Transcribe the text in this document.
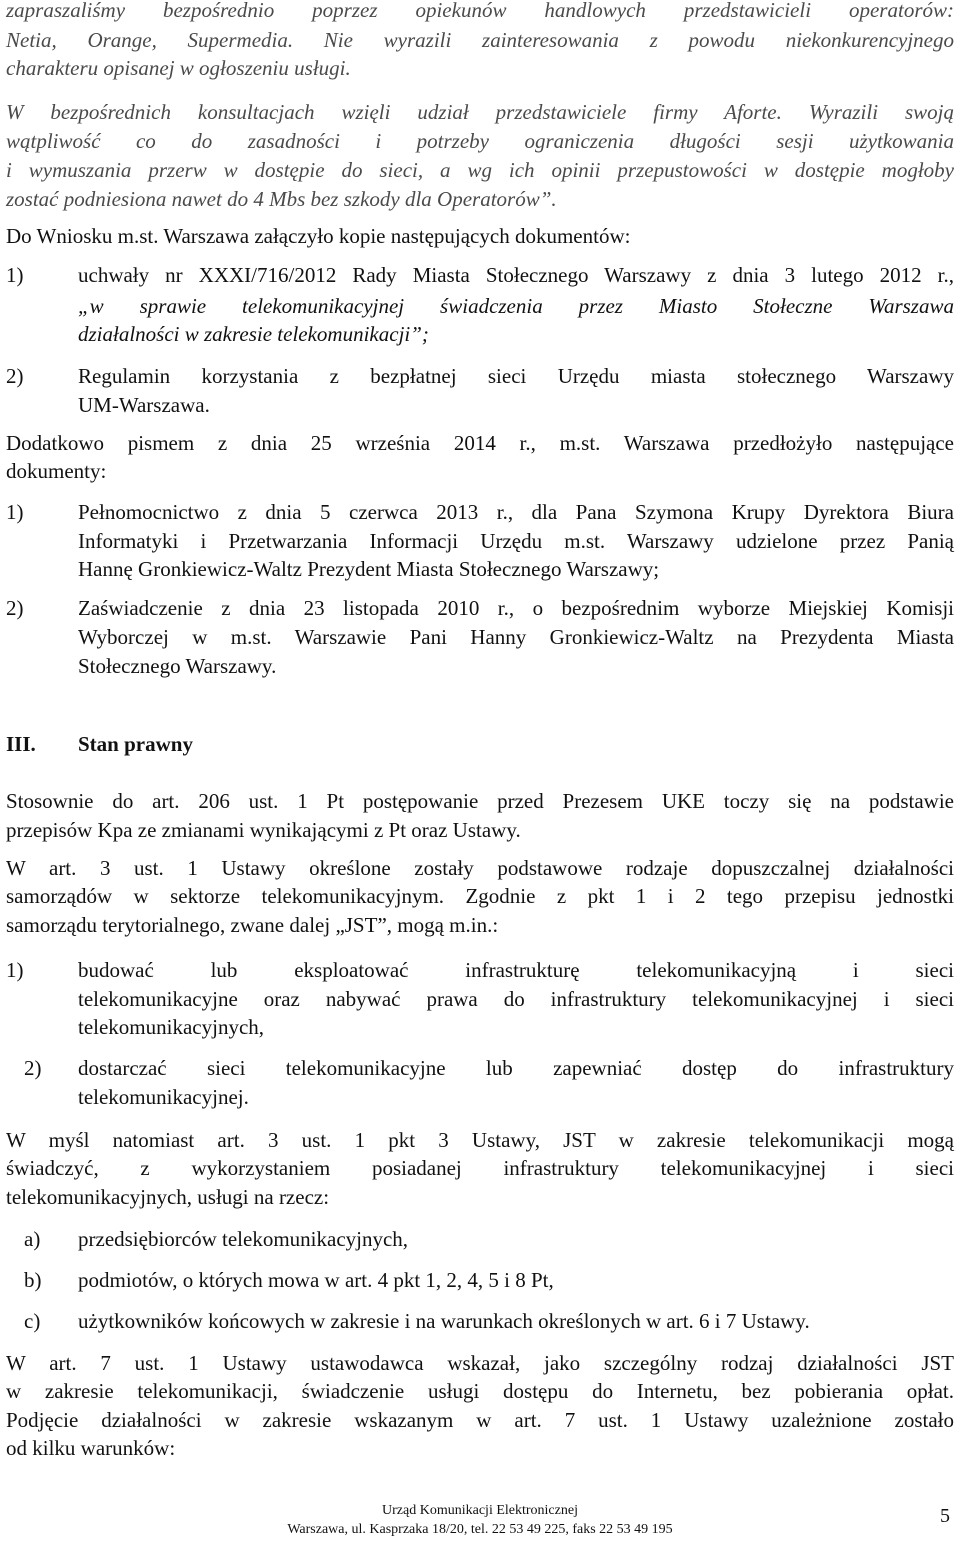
zapraszaliśmy bezpośrednio poprzez opiekunów handlowych przedstawicieli operatorów:

Netia, Orange, Supermedia. Nie wyrazili zainteresowania z powodu niekonkurencyjnego

charakteru opisanej w ogłoszeniu usługi.

W bezpośrednich konsultacjach wzięli udział przedstawiciele firmy Aforte. Wyrazili swoją

wątpliwość co do zasadności i potrzeby ograniczenia długości sesji użytkowania

i wymuszania przerw w dostępie do sieci, a wg ich opinii przepustowości w dostępie mogłoby

zostać podniesiona nawet do 4 Mbs bez szkody dla Operatorów”.

Do Wniosku m.st. Warszawa załączyło kopie następujących dokumentów:

1)	uchwały nr XXXI/716/2012 Rady Miasta Stołecznego Warszawy z dnia 3 lutego 2012 r.,

„w sprawie telekomunikacyjnej świadczenia przez Miasto Stołeczne Warszawa

działalności w zakresie telekomunikacji”;

2)	Regulamin korzystania z bezpłatnej sieci Urzędu miasta stołecznego Warszawy

UM-Warszawa.

Dodatkowo pismem z dnia 25 września 2014 r., m.st. Warszawa przedłożyło następujące

dokumenty:

1)	Pełnomocnictwo z dnia 5 czerwca 2013 r., dla Pana Szymona Krupy Dyrektora Biura

Informatyki i Przetwarzania Informacji Urzędu m.st. Warszawy udzielone przez Panią

Hannę Gronkiewicz-Waltz Prezydent Miasta Stołecznego Warszawy;

2)	Zaświadczenie z dnia 23 listopada 2010 r., o bezpośrednim wyborze Miejskiej Komisji

Wyborczej w m.st. Warszawie Pani Hanny Gronkiewicz-Waltz na Prezydenta Miasta

Stołecznego Warszawy.

III. Stan prawny

Stosownie do art. 206 ust. 1 Pt postępowanie przed Prezesem UKE toczy się na podstawie

przepisów Kpa ze zmianami wynikającymi z Pt oraz Ustawy.

W art. 3 ust. 1 Ustawy określone zostały podstawowe rodzaje dopuszczalnej działalności

samorządów w sektorze telekomunikacyjnym. Zgodnie z pkt 1 i 2 tego przepisu jednostki

samorządu terytorialnego, zwane dalej „JST”, mogą m.in.:

1)	budować lub eksploatować infrastrukturę telekomunikacyjną i sieci

telekomunikacyjne oraz nabywać prawa do infrastruktury telekomunikacyjnej i sieci

telekomunikacyjnych,

2) dostarczać sieci telekomunikacyjne lub zapewniać dostęp do infrastruktury

telekomunikacyjnej.

W myśl natomiast art. 3 ust. 1 pkt 3 Ustawy, JST w zakresie telekomunikacji mogą

świadczyć, z wykorzystaniem posiadanej infrastruktury telekomunikacyjnej i sieci

telekomunikacyjnych, usługi na rzecz:

a) przedsiębiorców telekomunikacyjnych,

b) podmiotów, o których mowa w art. 4 pkt 1, 2, 4, 5 i 8 Pt,

c) użytkowników końcowych w zakresie i na warunkach określonych w art. 6 i 7 Ustawy.

W art. 7 ust. 1 Ustawy ustawodawca wskazał, jako szczególny rodzaj działalności JST

w zakresie telekomunikacji, świadczenie usługi dostępu do Internetu, bez pobierania opłat.

Podjęcie działalności w zakresie wskazanym w art. 7 ust. 1 Ustawy uzależnione zostało

od kilku warunków:

Urząd Komunikacji Elektronicznej
Warszawa, ul. Kasprzaka 18/20, tel. 22 53 49 225, faks 22 53 49 195
5
